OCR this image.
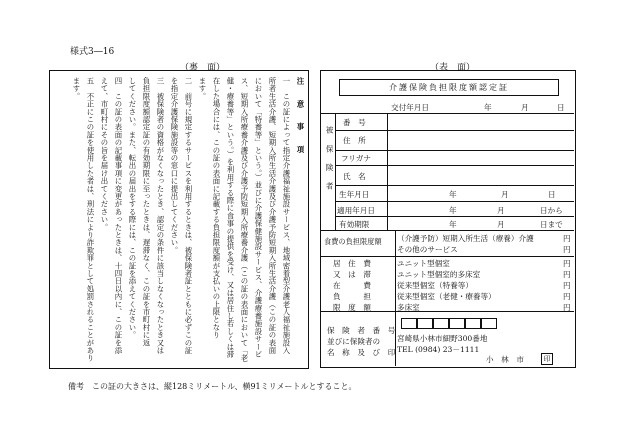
様式3―16
（裏　面）	（表　面）
注　意　事　項
一　この証によって指定介護福祉施設サービス、地域密着型介護老人福祉施設入
所者生活介護、短期入所生活介護及び介護予防短期入所生活介護（この証の表面
において「特養等」という。）並びに介護保健施設サービス、介護療養施設サービ
ス、短期入所療養介護及び介護予防短期入所療養介護（この証の表面において「老
健・療養等」という。）を利用する際に食事の提供を受け、又は居住し若しくは滞
在した場合には、この証の表面に記載する負担限度額が支払いの上限となり
ます。
二　前号に規定するサービスを利用するときは、被保険者証とともに必ずこの証
を指定介護保険施設等の窓口に提出してください。
三　被保険者の資格がなくなったとき、認定の条件に該当しなくなったとき又は
負担限度額認定証の有効期限に至ったときは、遅滞なく、この証を市町村に返
してください。また、転出の届出をする際には、この証を添えてください。
四　この証の表面の記載事項に変更があったときは、十四日以内に、この証を添
えて、市町村にその旨を届け出てください。
五　不正にこの証を使用した者は、刑法により詐欺罪として処罰されることがあり
ます。	介護保険負担限度額認定証
交付年月日	年	月	日
被保険者
番　号
住　所
フリガナ
氏　名
生年月日	年	月	日
適用年月日	年	月	日から
有効期限	年	月	日まで
食費の負担限度額 （介護予防）短期入所生活（療養）介護	円
その他のサービス	円
居　住　費
又　は　滞
在　　　費
負　　　担
限　度　額
ユニット型個室	円
ユニット型個室的多床室	円
従来型個室（特養等）	円
従来型個室（老健・療養等）	円
多床室	円
保　険　者　番　号
並びに保険者の
名　称　及　び　印
宮崎県小林市細野300番地
TEL (0984) 23－1111
小　林　市	印
備考　この証の大きさは、縦128ミリメートル、横91ミリメートルとすること。
